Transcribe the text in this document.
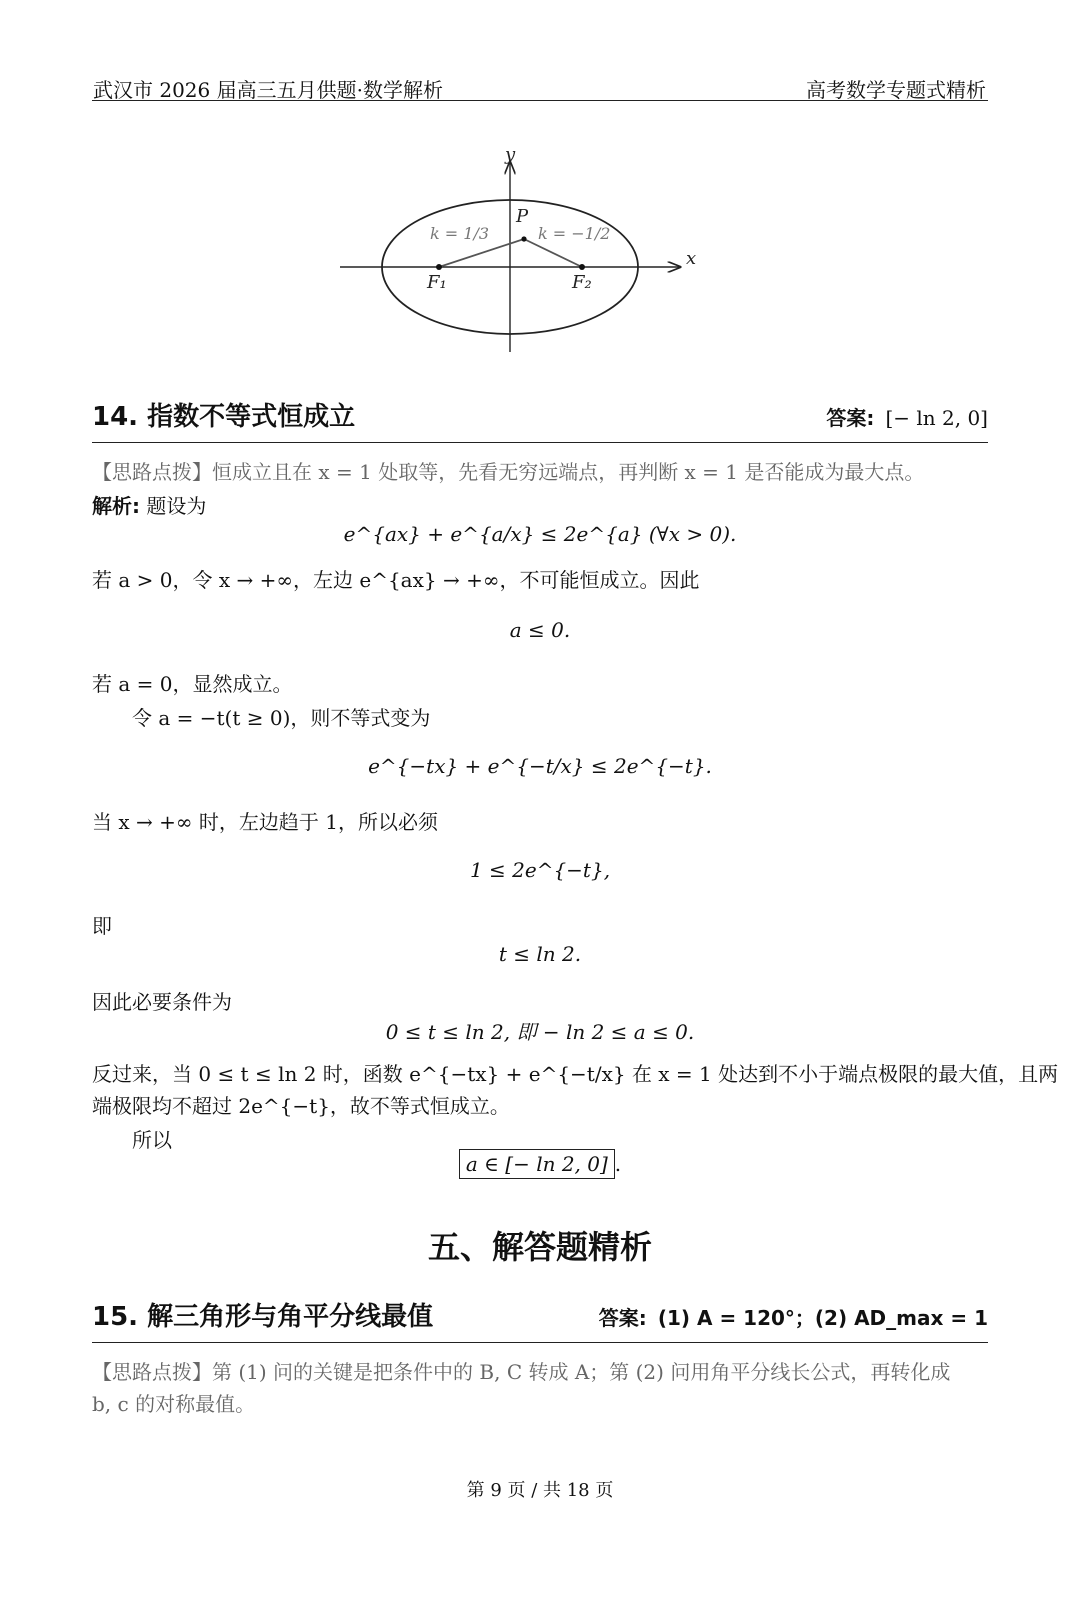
武汉市 2026 届高三五月供题·数学解析	高考数学专题式精析
y
x
P
F₁	F₂
k = 1/3	k = −1/2
14. 指数不等式恒成立	答案: [− ln 2, 0]
【思路点拨】恒成立且在 x = 1 处取等，先看无穷远端点，再判断 x = 1 是否能成为最大点。
解析: 题设为
e^{ax} + e^{a/x} ≤ 2e^{a} (∀x > 0).
若 a > 0，令 x → +∞，左边 e^{ax} → +∞，不可能恒成立。因此
a ≤ 0.
若 a = 0，显然成立。
令 a = −t(t ≥ 0)，则不等式变为
e^{−tx} + e^{−t/x} ≤ 2e^{−t}.
当 x → +∞ 时，左边趋于 1，所以必须
1 ≤ 2e^{−t},
即
t ≤ ln 2.
因此必要条件为
0 ≤ t ≤ ln 2, 即 − ln 2 ≤ a ≤ 0.
反过来，当 0 ≤ t ≤ ln 2 时，函数 e^{−tx} + e^{−t/x} 在 x = 1 处达到不小于端点极限的最大值，且两
端极限均不超过 2e^{−t}，故不等式恒成立。
所以
a ∈ [− ln 2, 0] .
五、解答题精析
15. 解三角形与角平分线最值	答案: (1) A = 120°；(2) AD_max = 1
【思路点拨】第 (1) 问的关键是把条件中的 B, C 转成 A；第 (2) 问用角平分线长公式，再转化成
b, c 的对称最值。
第 9 页 / 共 18 页
